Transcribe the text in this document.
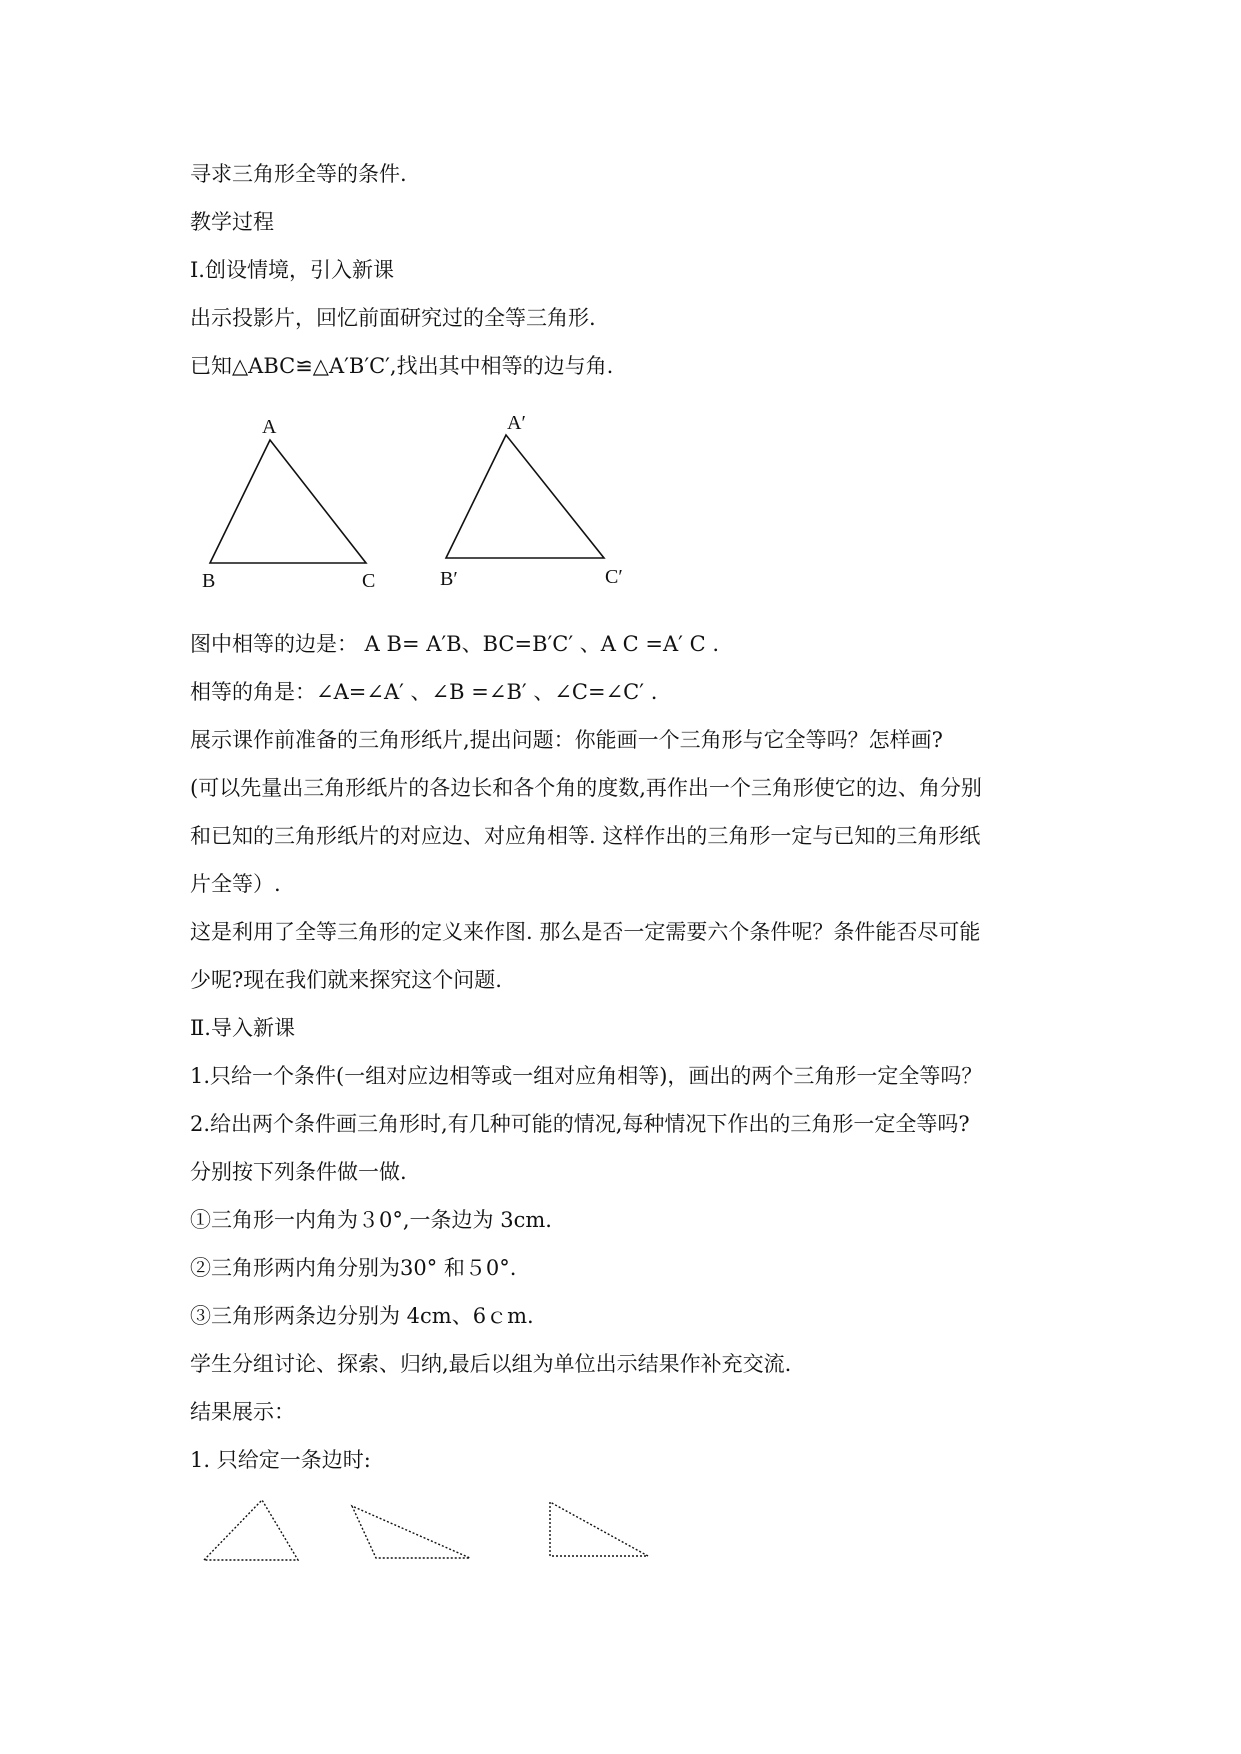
寻求三角形全等的条件.
教学过程
Ⅰ.创设情境，引入新课
出示投影片，回忆前面研究过的全等三角形.
已知△ABC≌△A′B′C′,找出其中相等的边与角.
A
B	C
A′
B′	C′
图中相等的边是： A B= A′B、BC=B′C′ 、A C =A′ C .
相等的角是：∠A=∠A′ 、∠B =∠B′ 、∠C=∠C′ .
展示课作前准备的三角形纸片,提出问题：你能画一个三角形与它全等吗？怎样画?
(可以先量出三角形纸片的各边长和各个角的度数,再作出一个三角形使它的边、角分别
和已知的三角形纸片的对应边、对应角相等. 这样作出的三角形一定与已知的三角形纸
片全等）.
这是利用了全等三角形的定义来作图. 那么是否一定需要六个条件呢？条件能否尽可能
少呢?现在我们就来探究这个问题.
Ⅱ.导入新课
1.只给一个条件(一组对应边相等或一组对应角相等)，画出的两个三角形一定全等吗？
2.给出两个条件画三角形时,有几种可能的情况,每种情况下作出的三角形一定全等吗?
分别按下列条件做一做.
①三角形一内角为３0°,一条边为 3cm.
②三角形两内角分别为30° 和５0°.
③三角形两条边分别为 4cm、6ｃm.
学生分组讨论、探索、归纳,最后以组为单位出示结果作补充交流.
结果展示：
1. 只给定一条边时:
